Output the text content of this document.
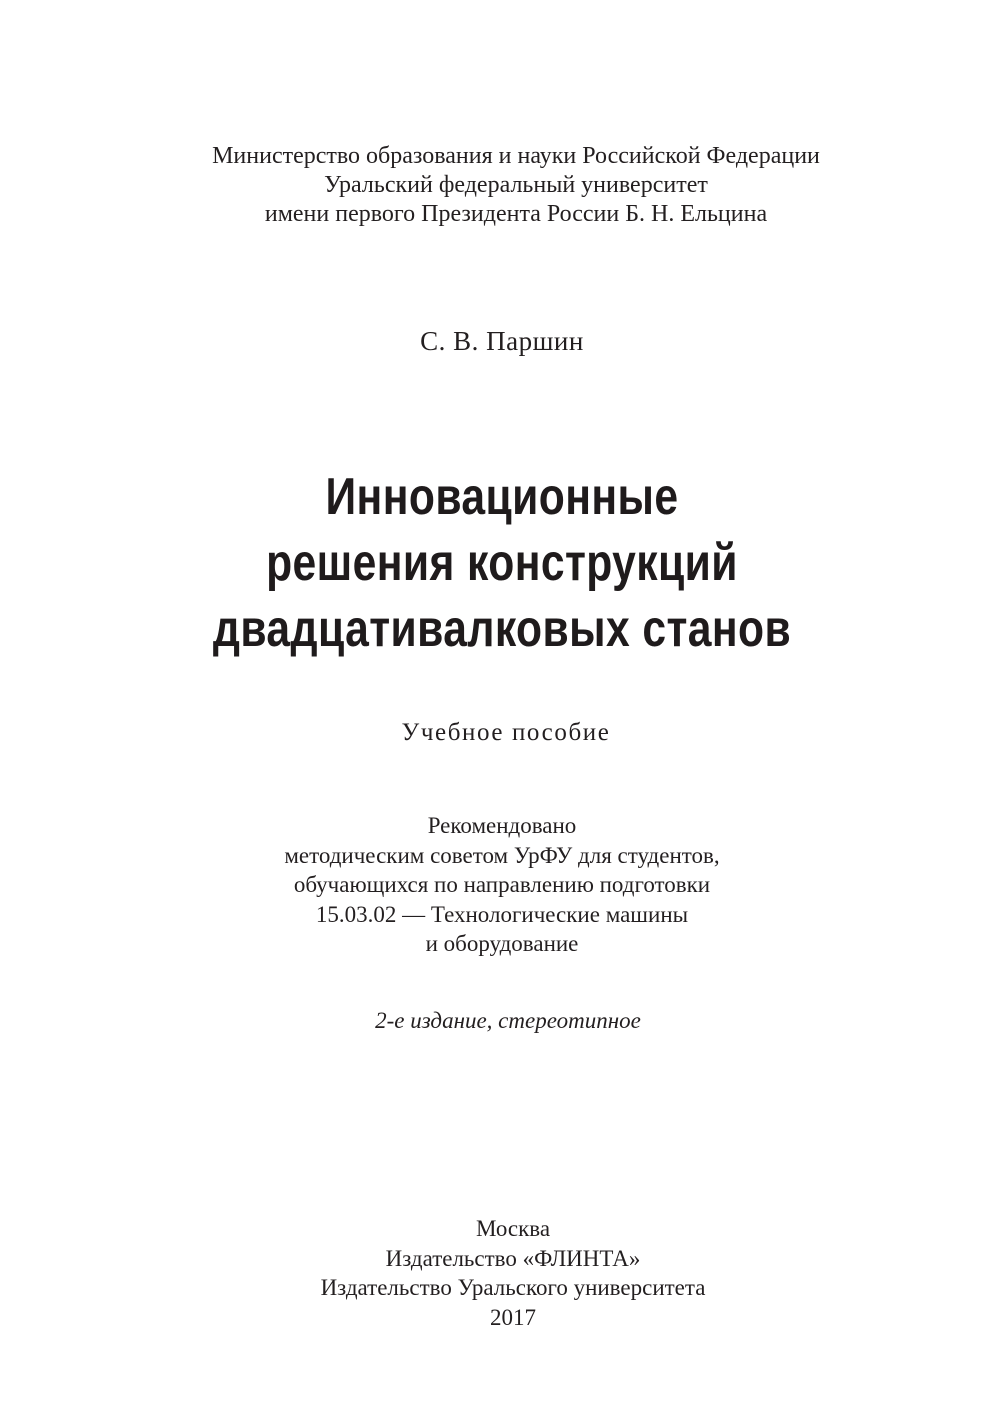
Министерство образования и науки Российской Федерации
Уральский федеральный университет
имени первого Президента России Б. Н. Ельцина
С. В. Паршин
Инновационные
решения конструкций
двадцативалковых станов
Учебное пособие
Рекомендовано
методическим советом УрФУ для студентов,
обучающихся по направлению подготовки
15.03.02 — Технологические машины
и оборудование
2-е издание, стереотипное
Москва
Издательство «ФЛИНТА»
Издательство Уральского университета
2017
